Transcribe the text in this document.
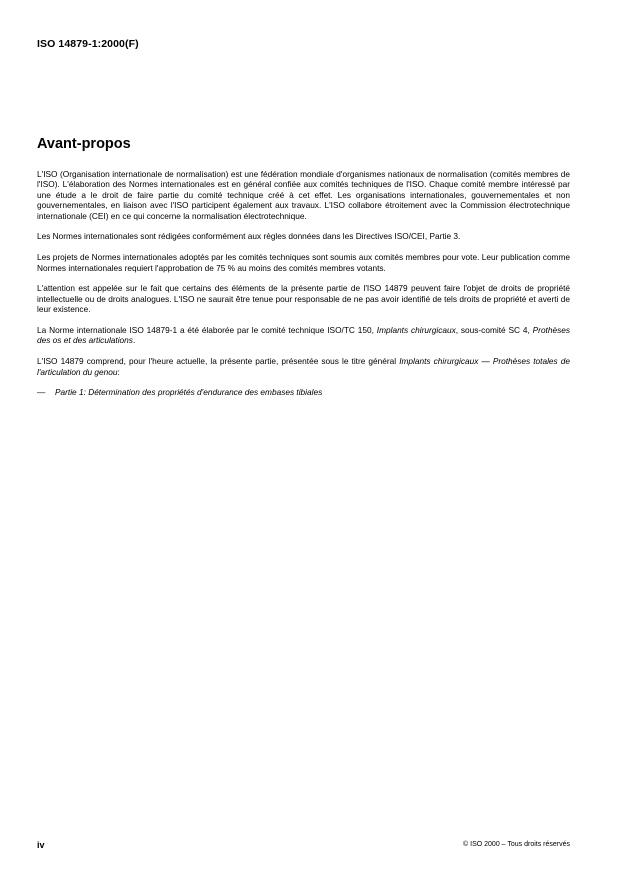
ISO 14879-1:2000(F)
Avant-propos

L'ISO (Organisation internationale de normalisation) est une fédération mondiale d'organismes nationaux de normalisation (comités membres de l'ISO). L'élaboration des Normes internationales est en général confiée aux comités techniques de l'ISO. Chaque comité membre intéressé par une étude a le droit de faire partie du comité technique créé à cet effet. Les organisations internationales, gouvernementales et non gouvernementales, en liaison avec l'ISO participent également aux travaux. L'ISO collabore étroitement avec la Commission électrotechnique internationale (CEI) en ce qui concerne la normalisation électrotechnique.

Les Normes internationales sont rédigées conformément aux règles données dans les Directives ISO/CEI, Partie 3.

Les projets de Normes internationales adoptés par les comités techniques sont soumis aux comités membres pour vote. Leur publication comme Normes internationales requiert l'approbation de 75 % au moins des comités membres votants.

L'attention est appelée sur le fait que certains des éléments de la présente partie de l'ISO 14879 peuvent faire l'objet de droits de propriété intellectuelle ou de droits analogues. L'ISO ne saurait être tenue pour responsable de ne pas avoir identifié de tels droits de propriété et averti de leur existence.

La Norme internationale ISO 14879-1 a été élaborée par le comité technique ISO/TC 150, Implants chirurgicaux, sous-comité SC 4, Prothèses des os et des articulations.

L'ISO 14879 comprend, pour l'heure actuelle, la présente partie, présentée sous le titre général Implants chirurgicaux — Prothèses totales de l'articulation du genou:

—	Partie 1: Détermination des propriétés d'endurance des embases tibiales
iv	© ISO 2000 – Tous droits réservés
